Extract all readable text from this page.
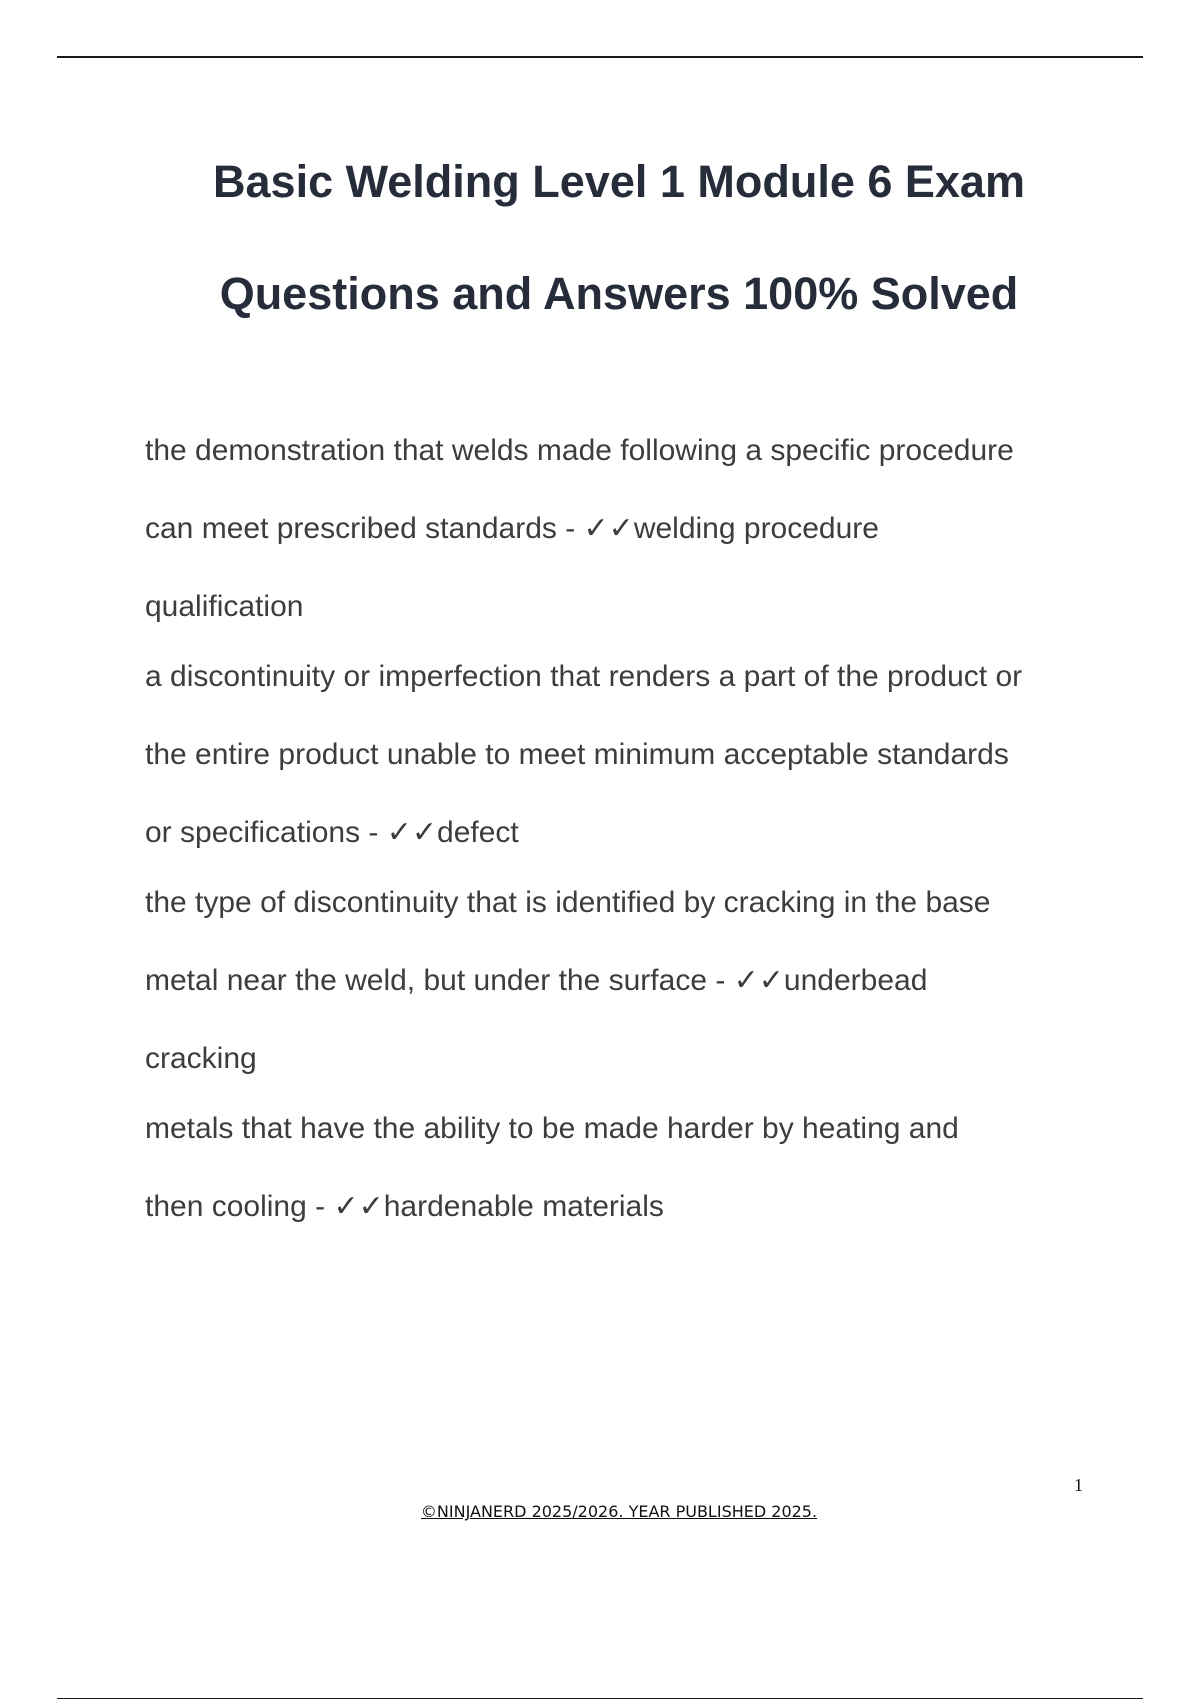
Basic Welding Level 1 Module 6 Exam
Questions and Answers 100% Solved
the demonstration that welds made following a specific procedure
can meet prescribed standards - ✓✓welding procedure
qualification
a discontinuity or imperfection that renders a part of the product or
the entire product unable to meet minimum acceptable standards
or specifications - ✓✓defect
the type of discontinuity that is identified by cracking in the base
metal near the weld, but under the surface - ✓✓underbead
cracking
metals that have the ability to be made harder by heating and
then cooling - ✓✓hardenable materials
1
©NINJANERD 2025/2026. YEAR PUBLISHED 2025.
